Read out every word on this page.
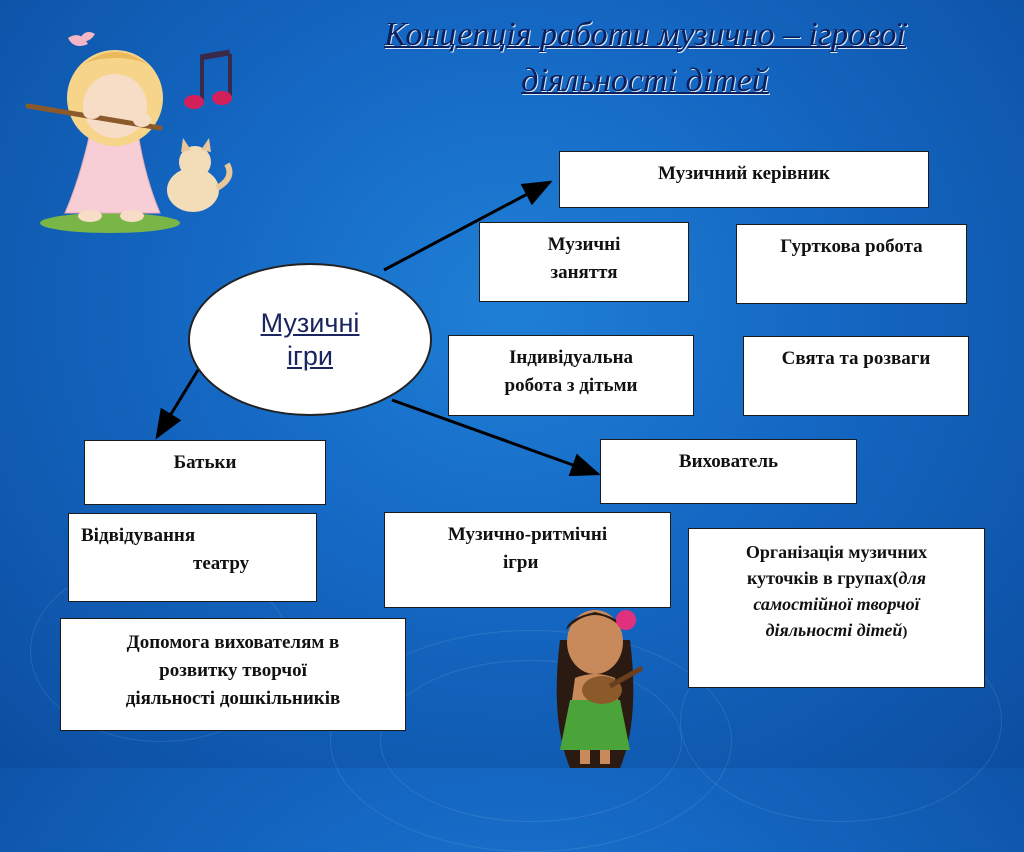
Концепція работи музично – ігрової
діяльності дітей
Музичні
ігри
Музичний керівник
Музичні
заняття
Гурткова робота
Індивідуальна
робота з дітьми
Свята та розваги
Батьки	Вихователь
Відвідування
театру
Музично-ритмічні
ігри
Допомога вихователям в
розвитку творчої
діяльності дошкільників
Організація музичних
куточків в групах(для
самостійної творчої
діяльності дітей)
